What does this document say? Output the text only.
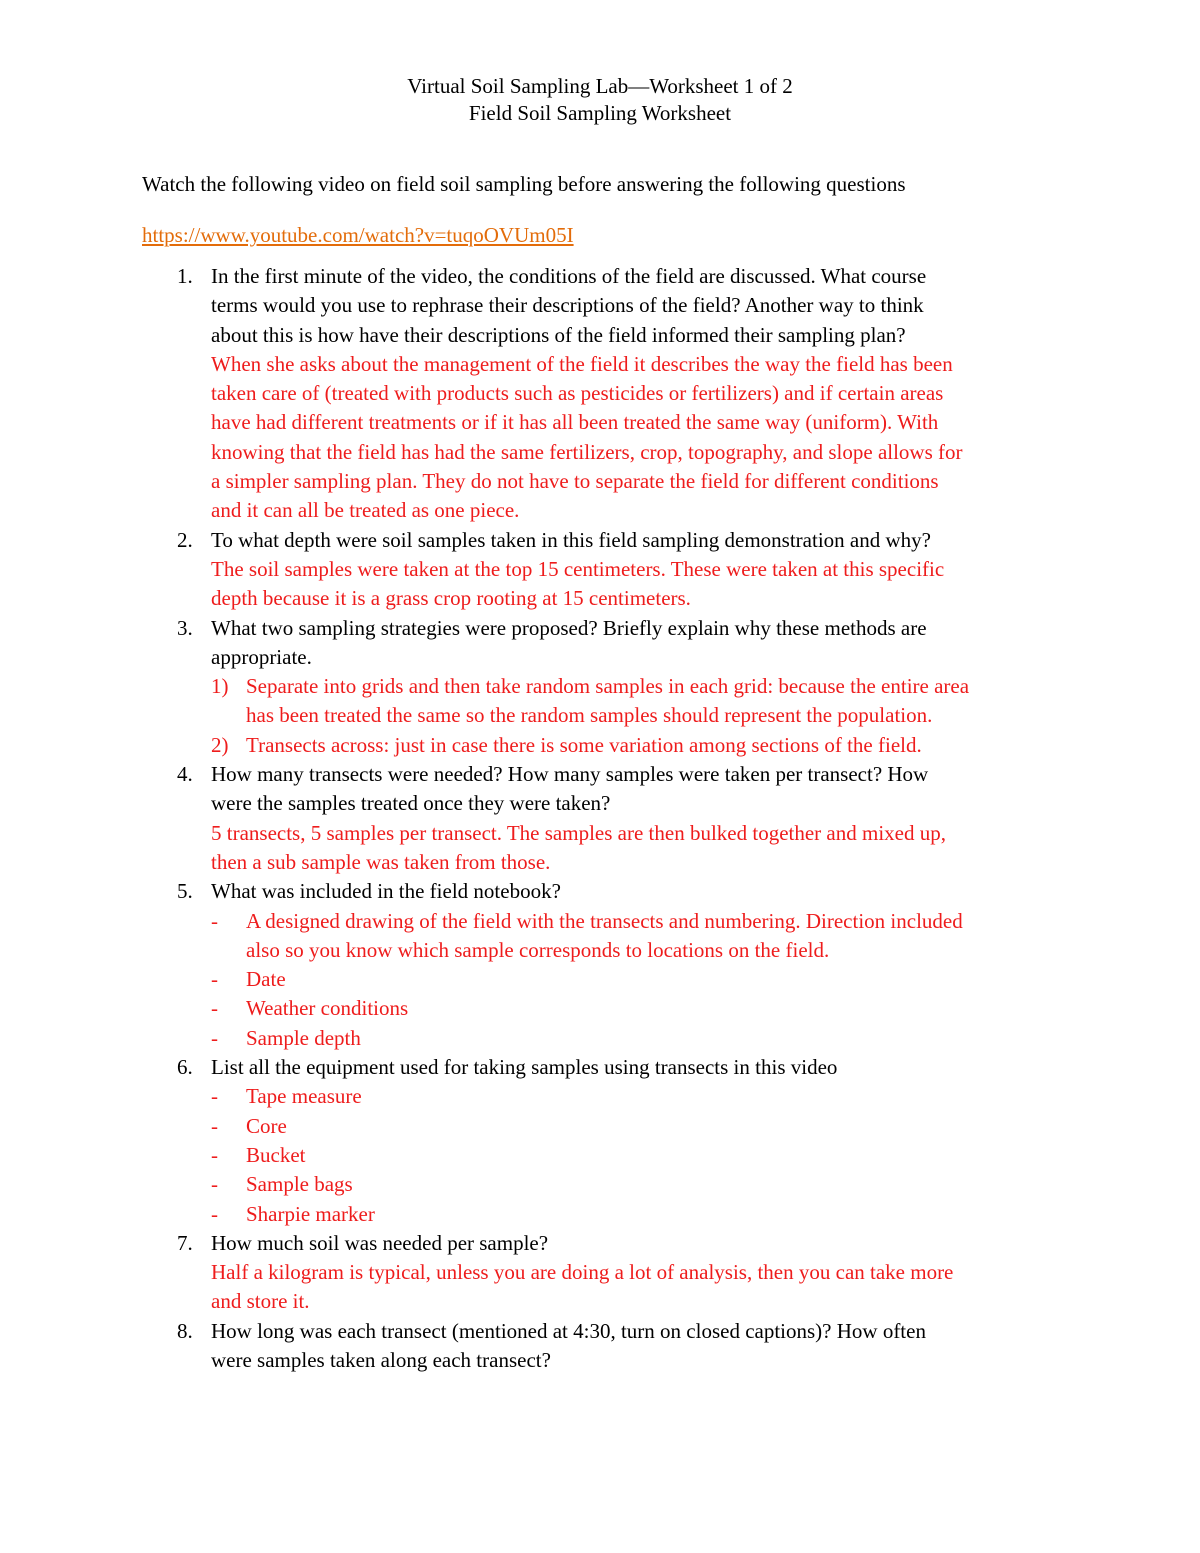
Virtual Soil Sampling Lab—Worksheet 1 of 2
Field Soil Sampling Worksheet
Watch the following video on field soil sampling before answering the following questions
https://www.youtube.com/watch?v=tuqoOVUm05I
1. In the first minute of the video, the conditions of the field are discussed. What course
terms would you use to rephrase their descriptions of the field? Another way to think
about this is how have their descriptions of the field informed their sampling plan?
When she asks about the management of the field it describes the way the field has been
taken care of (treated with products such as pesticides or fertilizers) and if certain areas
have had different treatments or if it has all been treated the same way (uniform). With
knowing that the field has had the same fertilizers, crop, topography, and slope allows for
a simpler sampling plan. They do not have to separate the field for different conditions
and it can all be treated as one piece.
2. To what depth were soil samples taken in this field sampling demonstration and why?
The soil samples were taken at the top 15 centimeters. These were taken at this specific
depth because it is a grass crop rooting at 15 centimeters.
3. What two sampling strategies were proposed? Briefly explain why these methods are
appropriate.
1) Separate into grids and then take random samples in each grid: because the entire area
has been treated the same so the random samples should represent the population.
2) Transects across: just in case there is some variation among sections of the field.
4. How many transects were needed? How many samples were taken per transect? How
were the samples treated once they were taken?
5 transects, 5 samples per transect. The samples are then bulked together and mixed up,
then a sub sample was taken from those.
5. What was included in the field notebook?
- A designed drawing of the field with the transects and numbering. Direction included
also so you know which sample corresponds to locations on the field.
- Date
- Weather conditions
- Sample depth
6. List all the equipment used for taking samples using transects in this video
- Tape measure
- Core
- Bucket
- Sample bags
- Sharpie marker
7. How much soil was needed per sample?
Half a kilogram is typical, unless you are doing a lot of analysis, then you can take more
and store it.
8. How long was each transect (mentioned at 4:30, turn on closed captions)? How often
were samples taken along each transect?
